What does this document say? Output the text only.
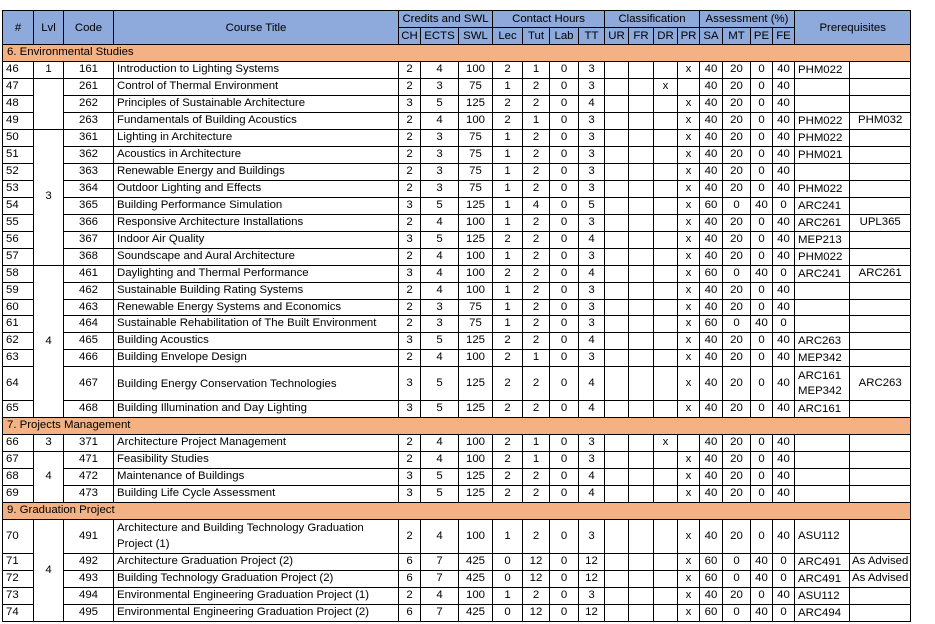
#	Lvl	Code	Course Title	Credits and SWL			Contact Hours				Classification				Assessment (%)				Prerequisites	
				CH	ECTS	SWL	Lec	Tut	Lab	TT	UR	FR	DR	PR	SA	MT	PE	FE		
6. Environmental Studies																				
46	1	161	Introduction to Lighting Systems	2	4	100	2	1	0	3				x	40	20	0	40	PHM022	
47		261	Control of Thermal Environment	2	3	75	1	2	0	3			x		40	20	0	40		
48		262	Principles of Sustainable Architecture	3	5	125	2	2	0	4				x	40	20	0	40		
49		263	Fundamentals of Building Acoustics	2	4	100	2	1	0	3				x	40	20	0	40	PHM022	PHM032
50	3	361	Lighting in Architecture	2	3	75	1	2	0	3				x	40	20	0	40	PHM022	
51		362	Acoustics in Architecture	2	3	75	1	2	0	3				x	40	20	0	40	PHM021	
52		363	Renewable Energy and Buildings	2	3	75	1	2	0	3				x	40	20	0	40		
53		364	Outdoor Lighting and Effects	2	3	75	1	2	0	3				x	40	20	0	40	PHM022	
54		365	Building Performance Simulation	3	5	125	1	4	0	5				x	60	0	40	0	ARC241	
55		366	Responsive Architecture Installations	2	4	100	1	2	0	3				x	40	20	0	40	ARC261	UPL365
56		367	Indoor Air Quality	3	5	125	2	2	0	4				x	40	20	0	40	MEP213	
57		368	Soundscape and Aural Architecture	2	4	100	1	2	0	3				x	40	20	0	40	PHM022	
58	4	461	Daylighting and Thermal Performance	3	4	100	2	2	0	4				x	60	0	40	0	ARC241	ARC261
59		462	Sustainable Building Rating Systems	2	4	100	1	2	0	3				x	40	20	0	40		
60		463	Renewable Energy Systems and Economics	2	3	75	1	2	0	3				x	40	20	0	40		
61		464	Sustainable Rehabilitation of The Built Environment	2	3	75	1	2	0	3				x	60	0	40	0		
62		465	Building Acoustics	3	5	125	2	2	0	4				x	40	20	0	40	ARC263	
63		466	Building Envelope Design	2	4	100	2	1	0	3				x	40	20	0	40	MEP342	
64		467	Building Energy Conservation Technologies	3	5	125	2	2	0	4				x	40	20	0	40	ARC161 MEP342	ARC263
65		468	Building Illumination and Day Lighting	3	5	125	2	2	0	4				x	40	20	0	40	ARC161	
7. Projects Management																				
66	3	371	Architecture Project Management	2	4	100	2	1	0	3			x		40	20	0	40		
67	4	471	Feasibility Studies	2	4	100	2	1	0	3				x	40	20	0	40		
68		472	Maintenance of Buildings	3	5	125	2	2	0	4				x	40	20	0	40		
69		473	Building Life Cycle Assessment	3	5	125	2	2	0	4				x	40	20	0	40		
9. Graduation Project																				
70	4	491	Architecture and Building Technology Graduation Project (1)	2	4	100	1	2	0	3				x	40	20	0	40	ASU112	
71		492	Architecture Graduation Project (2)	6	7	425	0	12	0	12				x	60	0	40	0	ARC491	As Advised
72		493	Building Technology Graduation Project (2)	6	7	425	0	12	0	12				x	60	0	40	0	ARC491	As Advised
73		494	Environmental Engineering Graduation Project (1)	2	4	100	1	2	0	3				x	40	20	0	40	ASU112	
74		495	Environmental Engineering Graduation Project (2)	6	7	425	0	12	0	12				x	60	0	40	0	ARC494	
